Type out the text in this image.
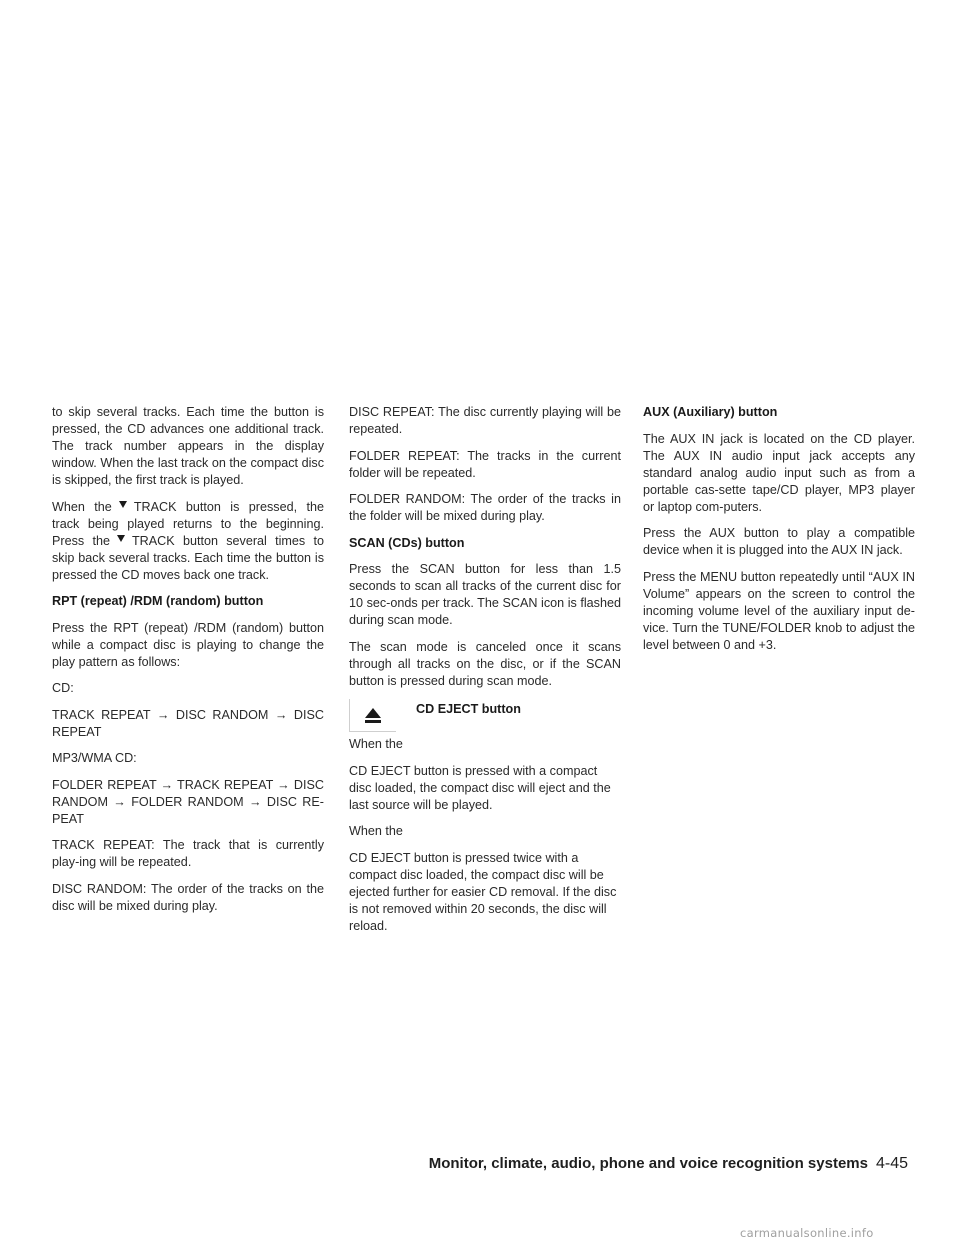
to skip several tracks. Each time the button is pressed, the CD advances one additional track. The track number appears in the display window. When the last track on the compact disc is skipped, the first track is played.

When the TRACK button is pressed, the track being played returns to the beginning. Press the TRACK button several times to skip back several tracks. Each time the button is pressed the CD moves back one track.

RPT (repeat) /RDM (random) button

Press the RPT (repeat) /RDM (random) button while a compact disc is playing to change the play pattern as follows:

CD:

TRACK REPEAT → DISC RANDOM → DISC REPEAT

MP3/WMA CD:

FOLDER REPEAT → TRACK REPEAT → DISC RANDOM → FOLDER RANDOM → DISC RE-PEAT

TRACK REPEAT: The track that is currently play-ing will be repeated.

DISC RANDOM: The order of the tracks on the disc will be mixed during play.

DISC REPEAT: The disc currently playing will be repeated.

FOLDER REPEAT: The tracks in the current folder will be repeated.

FOLDER RANDOM: The order of the tracks in the folder will be mixed during play.

SCAN (CDs) button

Press the SCAN button for less than 1.5 seconds to scan all tracks of the current disc for 10 sec-onds per track. The SCAN icon is flashed during scan mode.

The scan mode is canceled once it scans through all tracks on the disc, or if the SCAN button is pressed during scan mode.

CD EJECT button

When the

CD EJECT button is pressed with a compact disc loaded, the compact disc will eject and the last source will be played.

When the

CD EJECT button is pressed twice with a compact disc loaded, the compact disc will be ejected further for easier CD removal. If the disc is not removed within 20 seconds, the disc will reload.

AUX (Auxiliary) button

The AUX IN jack is located on the CD player. The AUX IN audio input jack accepts any standard analog audio input such as from a portable cas-sette tape/CD player, MP3 player or laptop com-puters.

Press the AUX button to play a compatible device when it is plugged into the AUX IN jack.

Press the MENU button repeatedly until “AUX IN Volume” appears on the screen to control the incoming volume level of the auxiliary input de-vice. Turn the TUNE/FOLDER knob to adjust the level between 0 and +3.

Monitor, climate, audio, phone and voice recognition systems 4-45
carmanualsonline.info
